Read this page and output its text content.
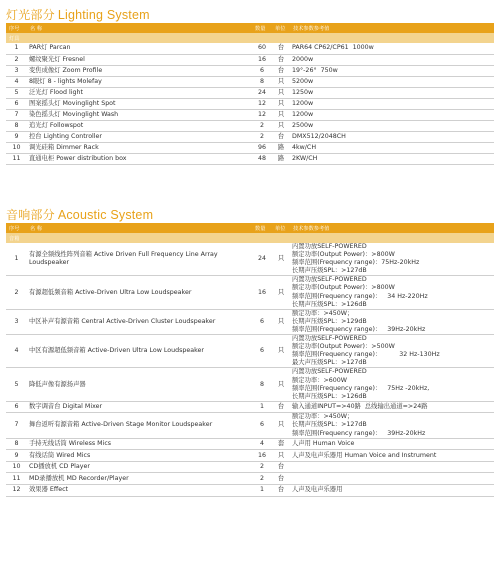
灯光部分 Lighting System
序号	名 称	数量	单位	技术参数参考值
灯具				
1	PAR灯 Parcan	60	台	PAR64 CP62/CP61  1000w
2	螺纹聚光灯 Fresnel	16	台	2000w
3	变焦成像灯 Zoom Profile	6	台	19°-26°  750w
4	8眼灯 8 - lights Molefay	8	只	5200w
5	泛光灯 Flood light	24	只	1250w
6	图案摇头灯 Movinglight Spot	12	只	1200w
7	染色摇头灯 Movinglight Wash	12	只	1200w
8	追光灯 Followspot	2	只	2500w
9	控台 Lighting Controller	2	台	DMX512/2048CH
10	调光硅箱 Dimmer Rack	96	路	4kw/CH
11	直通电柜 Power distribution box	48	路	2KW/CH
音响部分 Acoustic System
序号	名 称	数量	单位	技术参数参考值
音箱				
1	有源全频线性阵列音箱 Active Driven Full Frequency Line Array Loudspeaker	24	只	内置功放SELF-POWERED
额定功率(Output Power)：>800W
频率范围(Frequency range)：75Hz-20kHz
长期声压级SPL：>127dB
2	有源超低频音箱 Active-Driven Ultra Low Loudspeaker	16	只	内置功放SELF-POWERED
额定功率(Output Power)：>800W
频率范围(Frequency range)：   34 Hz-220Hz
长期声压级SPL：>126dB
3	中区补声有源音箱 Central Active-Driven Cluster Loudspeaker	6	只	额定功率：>450W；
长期声压级SPL：>129dB
频率范围(Frequency range)：   39Hz-20kHz
4	中区有源超低频音箱 Active-Driven Ultra Low Loudspeaker	6	只	内置功放SELF-POWERED
额定功率(Output Power)：>500W
频率范围(Frequency range)：         32 Hz-130Hz
最大声压级SPL：>127dB
5	降低声像有源扬声器	8	只	内置功放SELF-POWERED
额定功率：>600W
频率范围(Frequency range)：   75Hz -20kHz,
长期声压级SPL：>126dB
6	数字调音台 Digital Mixer	1	台	输入通道INPUT=>40路  总线输出通道=>24路
7	舞台返听有源音箱 Active-Driven Stage Monitor Loudspeaker	6	只	额定功率：>450W；
长期声压级SPL：>127dB
频率范围(Frequency range)：   39Hz-20kHz
8	手持无线话筒 Wireless Mics	4	套	人声用 Human Voice
9	有线话筒 Wired Mics	16	只	人声及电声乐器用 Human Voice and Instrument
10	CD播放机 CD Player	2	台	
11	MD录播放机 MD Recorder/Player	2	台	
12	效果器 Effect	1	台	人声及电声乐器用
